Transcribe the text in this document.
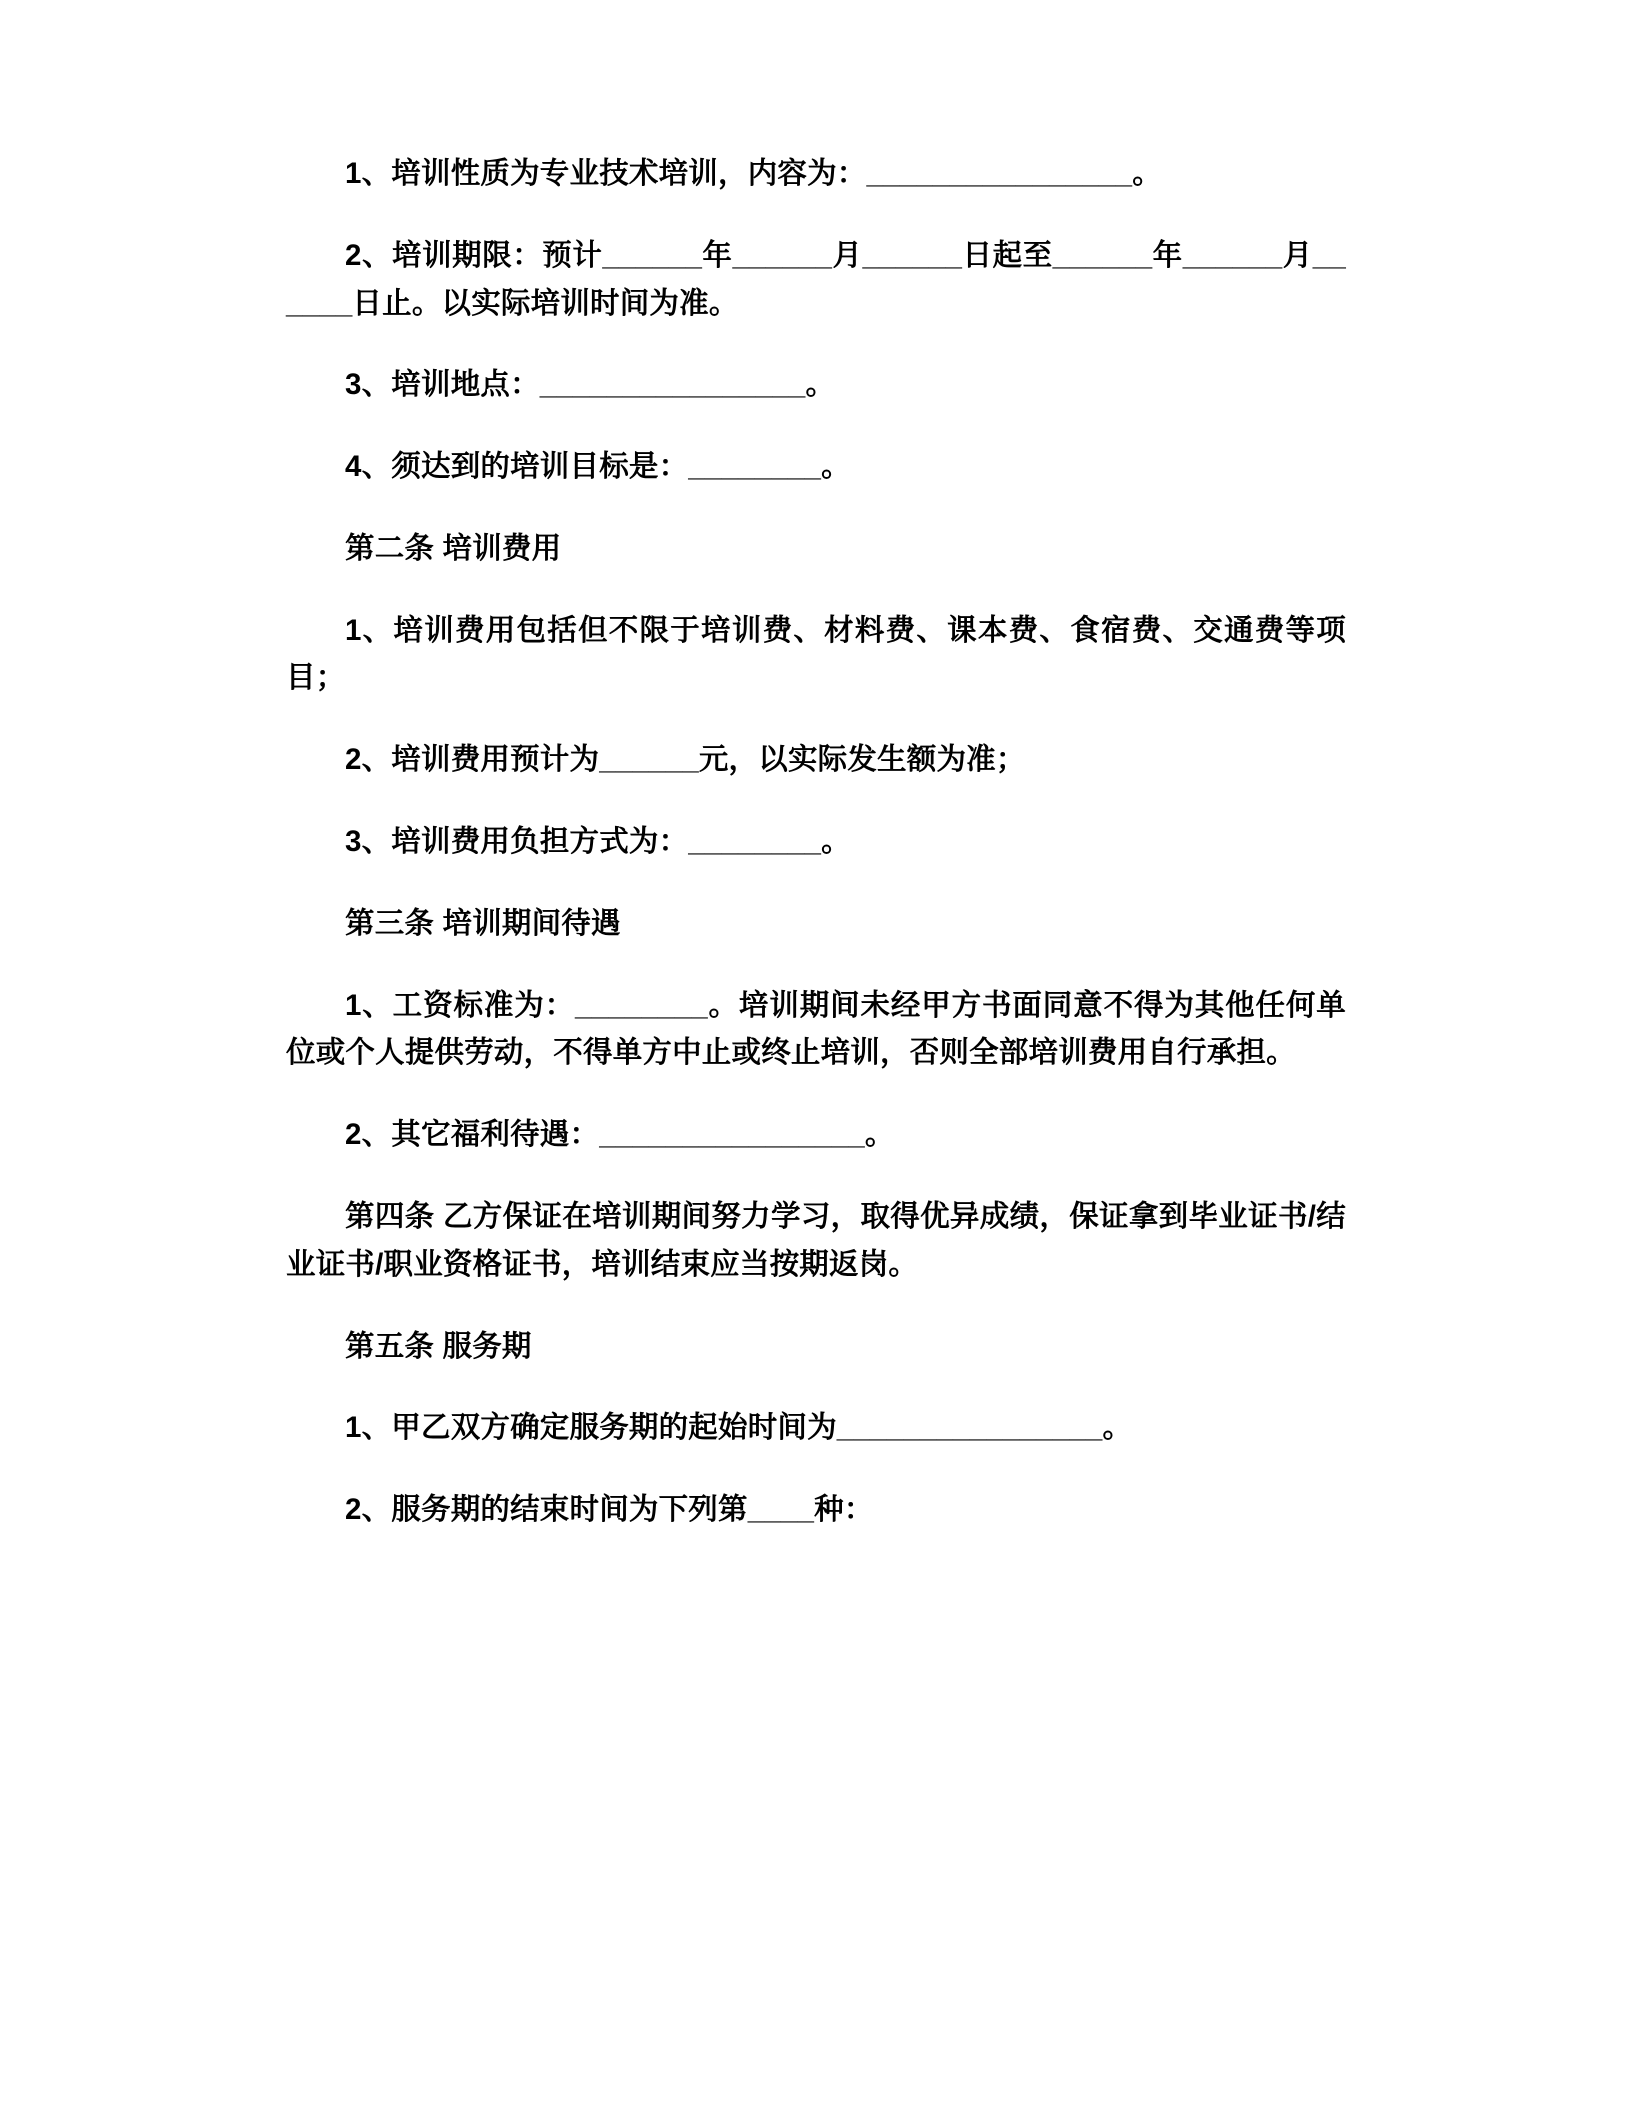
1、培训性质为专业技术培训，内容为：________________。

2、培训期限：预计______年______月______日起至______年______月______日止。以实际培训时间为准。

3、培训地点：________________。

4、须达到的培训目标是：________。

第二条 培训费用

1、培训费用包括但不限于培训费、材料费、课本费、食宿费、交通费等项目；

2、培训费用预计为______元，以实际发生额为准；

3、培训费用负担方式为：________。

第三条 培训期间待遇

1、工资标准为：________。培训期间未经甲方书面同意不得为其他任何单位或个人提供劳动，不得单方中止或终止培训，否则全部培训费用自行承担。

2、其它福利待遇：________________。

第四条 乙方保证在培训期间努力学习，取得优异成绩，保证拿到毕业证书/结业证书/职业资格证书，培训结束应当按期返岗。

第五条 服务期

1、甲乙双方确定服务期的起始时间为________________。

2、服务期的结束时间为下列第____种：
